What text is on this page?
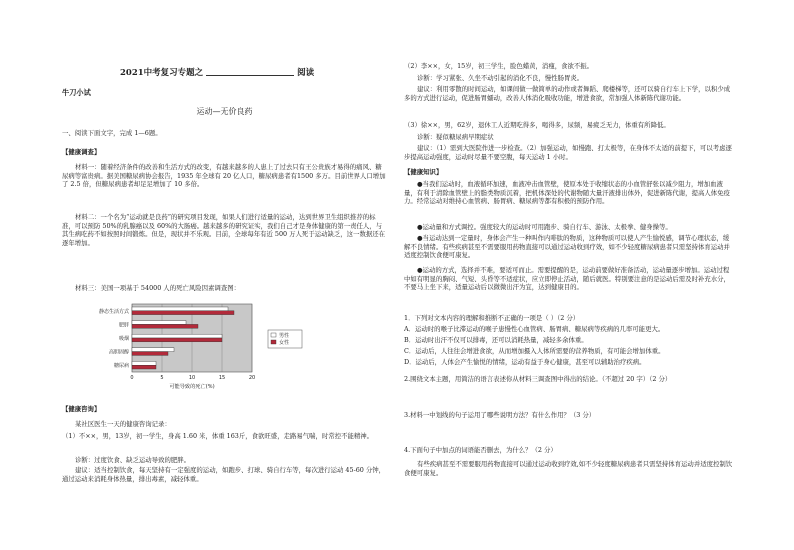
2021中考复习专题之	阅读
牛刀小试
运动—无价良药
一、阅读下面文字，完成 1—6题。
【健康调查】
材料一：随着经济条件的改善和生活方式的改变，有越来越多的人患上了过去只有王公贵族才易得的痛风、糖尿病等富贵病。据美国糖尿病协会报告，1935 年全球有 20 亿人口，糖尿病患者有1500 多万。目前世界人口增加了 2.5 倍，但糖尿病患者却足足增加了 10 多倍。
材料二：一个名为“运动就是良药”的研究项目发现，如果人们进行适量的运动，达到世界卫生组织推荐的标准，可以预防 50%的乳腺癌以及 60%的大肠癌。越来越多的研究证实，我们自己才是身体健康的第一责任人，与其生病吃药不如按照时间锻炼。但是，现状并不乐观。目前，全球每年有近 500 万人死于运动缺乏，这一数据还在逐年增加。
材料三：美国一项基于 54000 人的死亡风险因素调查图：
0	5	10	15	20
静态生活方式
肥胖
吸烟
高胆固醇
糖尿病
可能导致的死亡(%)
男性
女性
【健康咨询】
某社区医生一天的健康咨询记录：
（1）不××，男，13岁，初一学生，身高 1.60 米，体重 163斤，食欲旺盛，走路易气喘，时常控不能精神。
诊断：过度饮食、缺乏运动导致的肥胖。
建议：适当控制饮食，每天坚持有一定强度的运动，如跑步、打球、骑自行车等，每次进行运动 45-60 分钟，通过运动来消耗身体热量，排出毒素，减轻体重。
（2）李××，女，15岁，初三学生，脸色蜡黄，消瘦，食欲不振。
诊断：学习紧张、久坐不动引起的消化不良，慢性肠胃炎。
建议：利用零散的时间运动，如课间做一做简单的动作或者舞蹈、爬楼梯等，还可以骑自行车上下学，以积少成多的方式进行运动，促进肠胃蠕动，改善人体消化吸收功能，增进食欲，常加强人体新陈代谢功能。
（3）徐××，男，62岁，退休工人近期吃得多，喝得多，尿频，易疲乏无力，体重有所降低。
诊断：疑似糖尿病早期症状
建议：（1）需到大医院作进一步检查。（2）加强运动，如慢跑、打太极等，在身体不太适的前提下，可以考虑逐步提高运动强度，运动时尽量不要空腹，每天运动 1 小时。
【健康知识】
●当我们运动时，血液循环加速，血液冲击血管壁，使原本处于收缩状态的小血管舒张以减少阻力，增加血液量，有利于清除血管壁上的脂类物质沉着，把机体深处的代谢物随大量汗液排出体外，促进新陈代谢，提高人体免疫力。经常运动对维持心血管病、肠胃病、糖尿病等都有积极的预防作用。
●运动量和方式调控。强度较大的运动时可用跑步、骑自行车、游泳、太极拳、健身操等。
●当运动达到一定量时，身体会产生一种叫作内啡肽的物质，这种物质可以使人产生愉悦感，调节心理状态，缓解不良情绪。有些疾病甚至不需要服用药物直接可以通过运动收到疗效，如不少轻度糖尿病患者只需坚持体育运动并适度控制饮食便可康复。
●运动的方式，选择并不难，要适可而止。需要提醒的是，运动前要做好准备活动，运动量逐步增加。运动过程中如有明显的胸闷、气短、头昏等不适症状，应立即停止活动，随后就医。特别要注意的是运动后需及时补充水分，不要马上坐下来，适量运动后以微微出汗为宜，达到健康目的。
1．下列对文本内容的理解和推断不正确的一项是（ ）（2 分）
A．运动时的喉子比滞运动的喉子患慢性心血管病、肠胃病、糖尿病等疾病的几率可能更大。
B．运动时出汗不仅可以排毒，还可以消耗热量，减轻多余体重。
C．运动后，人往往会增进食欲，从而增加摄入人体所需要的营养物质，有可能会增加体重。
D．运动后，人体会产生愉悦的情绪，运动有益于身心健康，甚至可以辅助治疗疾病。
2.围绕文本主题，用简洁的语言表述你从材料三调查图中得出的结论。（不超过 20 字）（2 分）
3.材料一中划线的句子运用了哪些说明方法？有什么作用？（3 分）
4.下面句子中加点的词语能否删去，为什么？（2 分）
有些疾病甚至不需要服用药物直接可以通过运动收到疗效,如不少轻度糖尿病患者只需坚持体育运动并适度控制饮食便可康复。
